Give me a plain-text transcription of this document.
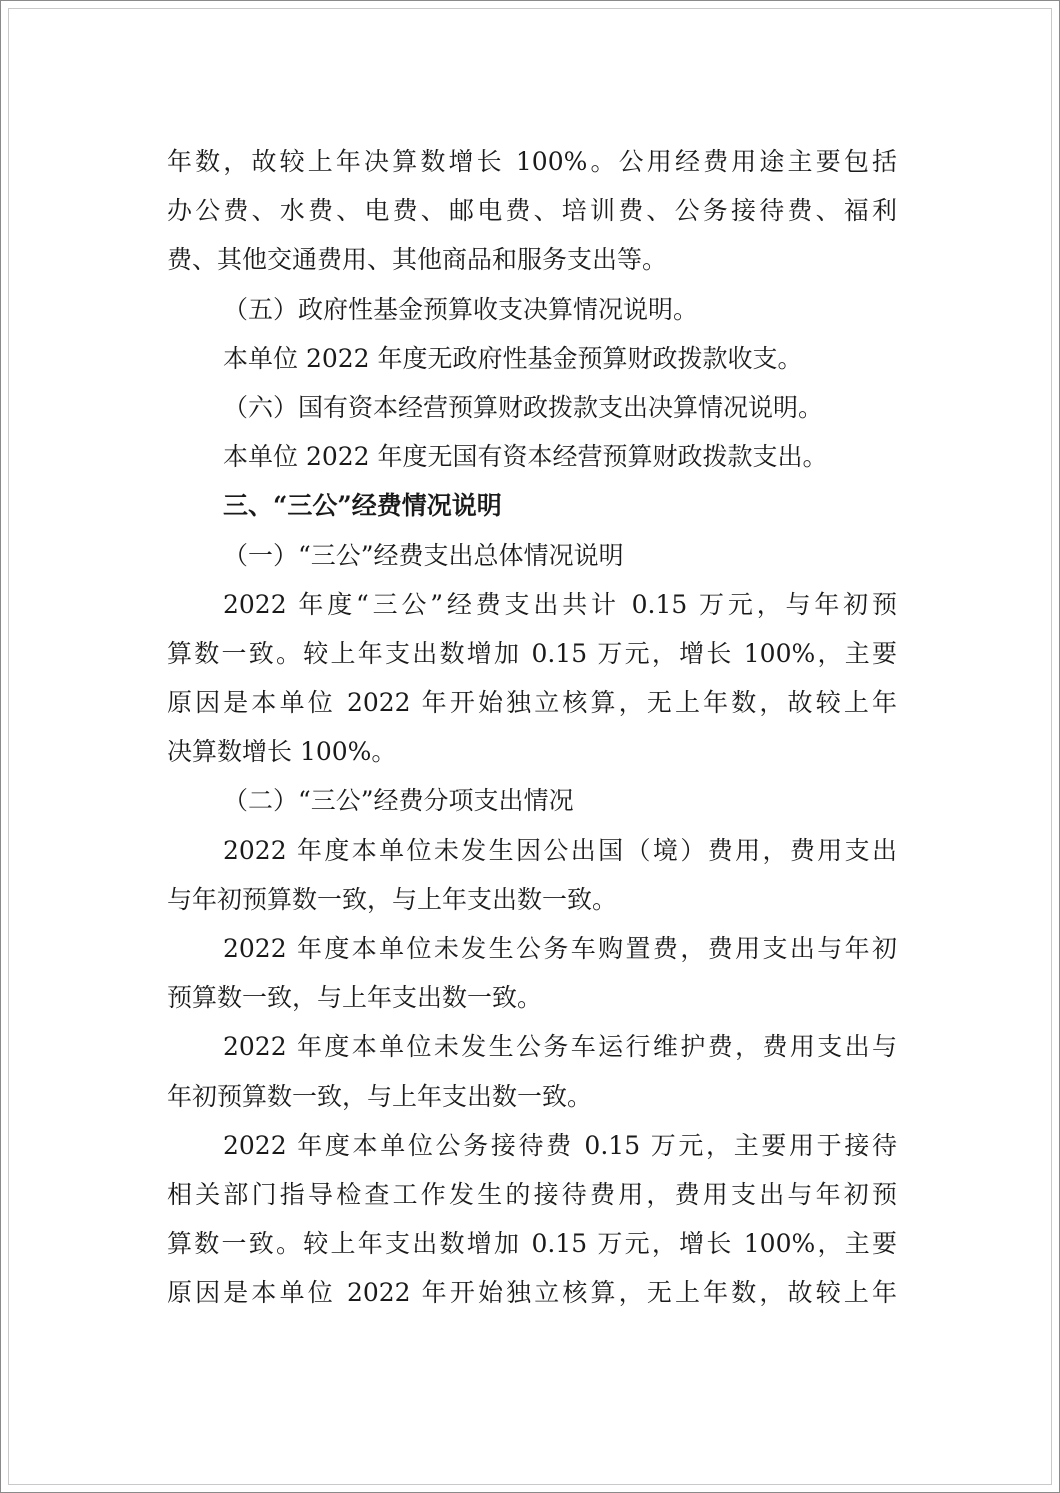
年数，故较上年决算数增长 100%。公用经费用途主要包括
办公费、水费、电费、邮电费、培训费、公务接待费、福利
费、其他交通费用、其他商品和服务支出等。
（五）政府性基金预算收支决算情况说明。
本单位 2022 年度无政府性基金预算财政拨款收支。
（六）国有资本经营预算财政拨款支出决算情况说明。
本单位 2022 年度无国有资本经营预算财政拨款支出。
三、“三公”经费情况说明
（一）“三公”经费支出总体情况说明
2022 年度“三公”经费支出共计 0.15 万元，与年初预
算数一致。较上年支出数增加 0.15 万元，增长 100%，主要
原因是本单位 2022 年开始独立核算，无上年数，故较上年
决算数增长 100%。
（二）“三公”经费分项支出情况
2022 年度本单位未发生因公出国（境）费用，费用支出
与年初预算数一致，与上年支出数一致。
2022 年度本单位未发生公务车购置费，费用支出与年初
预算数一致，与上年支出数一致。
2022 年度本单位未发生公务车运行维护费，费用支出与
年初预算数一致，与上年支出数一致。
2022 年度本单位公务接待费 0.15 万元，主要用于接待
相关部门指导检查工作发生的接待费用，费用支出与年初预
算数一致。较上年支出数增加 0.15 万元，增长 100%，主要
原因是本单位 2022 年开始独立核算，无上年数，故较上年
